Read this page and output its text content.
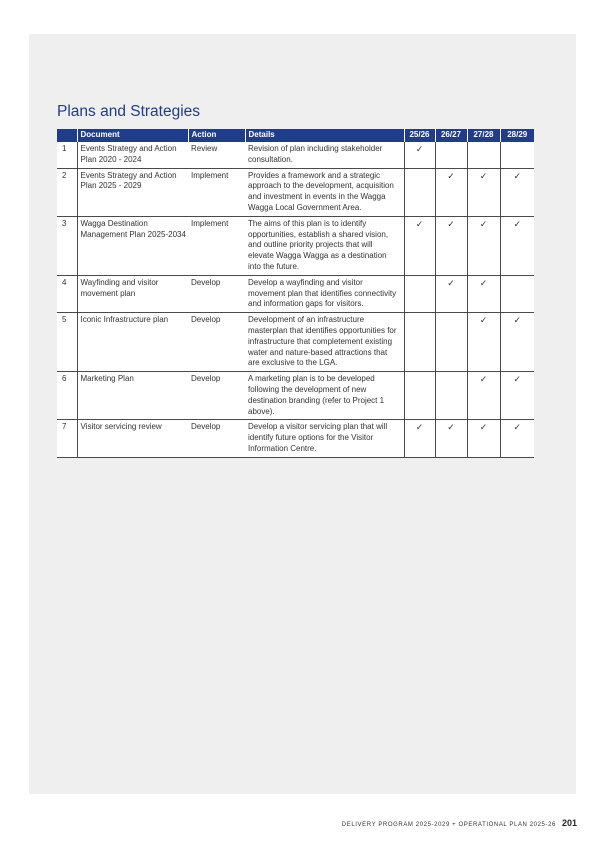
Plans and Strategies
	Document	Action	Details	25/26	26/27	27/28	28/29
1	Events Strategy and Action Plan 2020 - 2024	Review	Revision of plan including stakeholder consultation.	✓			
2	Events Strategy and Action Plan 2025 - 2029	Implement	Provides a framework and a strategic approach to the development, acquisition and investment in events in the Wagga Wagga Local Government Area.		✓	✓	✓
3	Wagga Destination Management Plan 2025-2034	Implement	The aims of this plan is to identify opportunities, establish a shared vision, and outline priority projects that will elevate Wagga Wagga as a destination into the future.	✓	✓	✓	✓
4	Wayfinding and visitor movement plan	Develop	Develop a wayfinding and visitor movement plan that identifies connectivity and information gaps for visitors.		✓	✓	
5	Iconic Infrastructure plan	Develop	Development of an infrastructure masterplan that identifies opportunities for infrastructure that completement existing water and nature-based attractions that are exclusive to the LGA.			✓	✓
6	Marketing Plan	Develop	A marketing plan is to be developed following the development of new destination branding (refer to Project 1 above).			✓	✓
7	Visitor servicing review	Develop	Develop a visitor servicing plan that will identify future options for the Visitor Information Centre.	✓	✓	✓	✓
DELIVERY PROGRAM 2025-2029 + OPERATIONAL PLAN 2025-26 201
